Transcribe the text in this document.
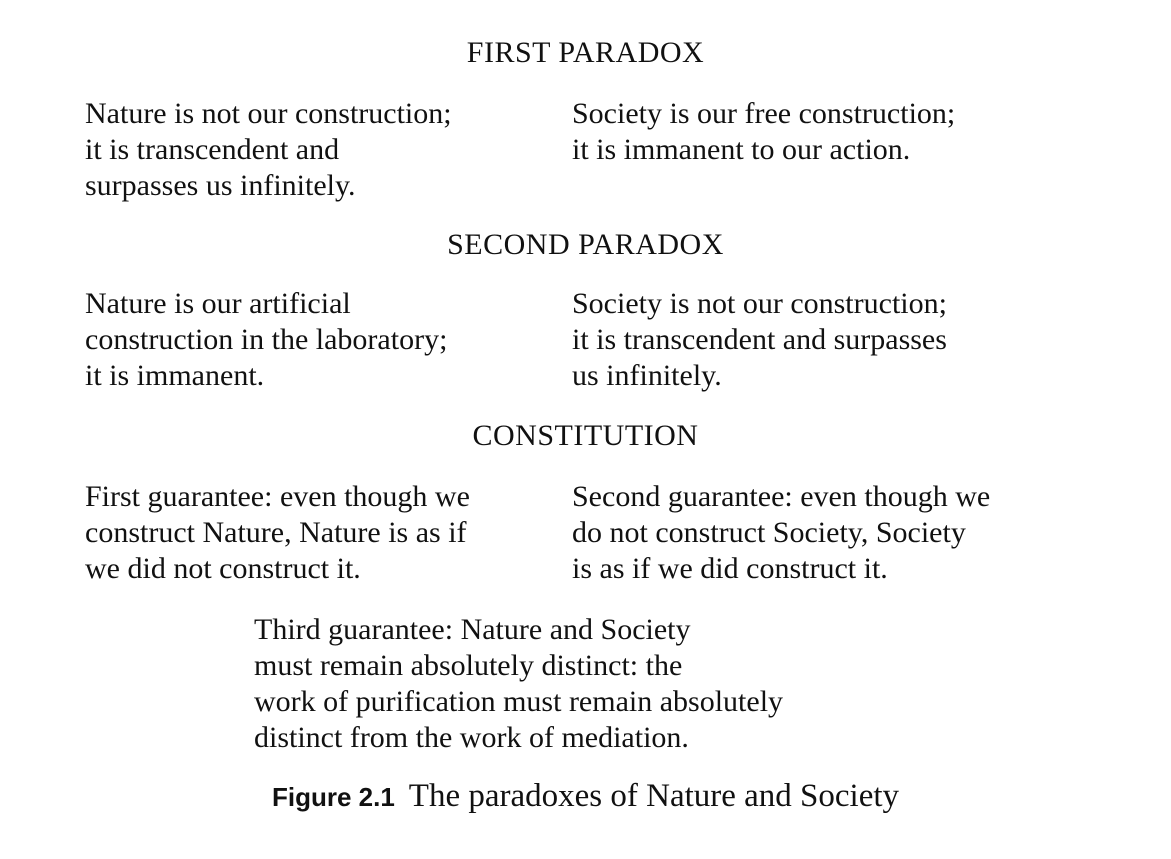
FIRST PARADOX
Nature is not our construction;
it is transcendent and
surpasses us infinitely.
Society is our free construction;
it is immanent to our action.
SECOND PARADOX
Nature is our artificial
construction in the laboratory;
it is immanent.
Society is not our construction;
it is transcendent and surpasses
us infinitely.
CONSTITUTION
First guarantee: even though we
construct Nature, Nature is as if
we did not construct it.
Second guarantee: even though we
do not construct Society, Society
is as if we did construct it.
Third guarantee: Nature and Society
must remain absolutely distinct: the
work of purification must remain absolutely
distinct from the work of mediation.
Figure 2.1 The paradoxes of Nature and Society
